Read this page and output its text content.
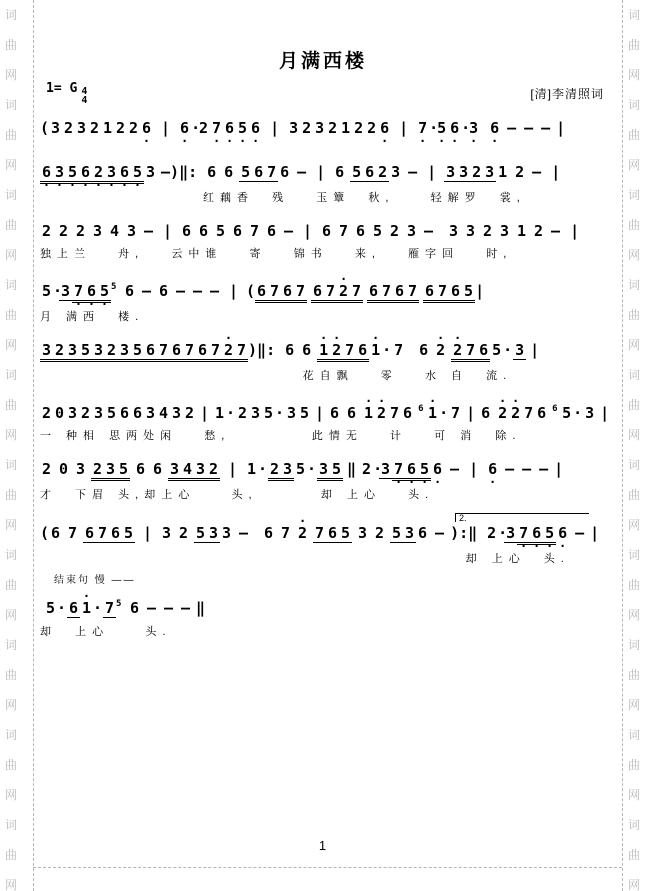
词
曲
网
词
曲
网
词
曲
网
词
曲
网
词
曲
网
词
曲
网
词
曲
网
词
曲
网
词
曲
网
词
曲
网
词
曲
网
词
曲
网
词
曲
网
词
曲
网
词
曲
网
词
曲
网
词
曲
网
词
曲
网
词
曲
网
词
曲
网
月满西楼
1= G 4
4	[清]李清照词
( 3 2 3 2 1 2 2 6 · | 6 · ·2 7 · 6 · 5 · 6 · | 3 2 3 2 1 2 2 6 · | 7 · ·5 · 6 · ·3 · 6 · – – – |
6 · 3 · 5 · 6 · 2 · 3 · 6 · 5 · 3 —)‖: 6 6 5 6 7 6 – | 6 5 6 2 3 – | 3 3 2 3 1 2 – |
红藕香  残   玉簟  秋,    轻解罗  裳,
2 2 2 3 4 3 – | 6 6 5 6 7 6 – | 6 7 6 5 2 3 – 3 3 2 3 1 2 – |
独上兰   舟,   云中谁   寄   锦书   来,   雁字回   时,
5 ·3 7 · 6 · 5 · 5 6 – 6 – – – | ( 6 7 6 7 6 7 · 2 7 6 7 6 7 6 7 6 5 |
月 满西  楼.
3 2 3 5 3 2 3 5 6 7 6 7 6 7 · 2 7 )‖: 6 6 · 1 · 2 7 6 · 1 · 7 6 · 2 · 2 7 6 5 · 3 |
花自飘   零   水 自  流.
2 0 3 2 3 5 6 6 3 4 3 2 | 1 · 2 3 5 · 3 5 | 6 6 · 1 · 2 7 6 6 · 1 · 7 | 6 · 2 · 2 7 6 6 5 · 3 |
一 种相 思两处闲   愁,         此情无   计   可 消  除.
2 0 3 2 3 5 6 6 3 4 3 2 | 1 · 2 3 5 · 3 5 ‖ 2 ·3 7 · 6 · 5 · 6 · – | 6 · – – – |
才  下眉 头,却上心    头,       却 上心   头.
2.
( 6 7 6 7 6 5 | 3 2 5 3 3 – 6 7 · 2 7 6 5 3 2 5 3 6 – ):‖ 2 ·3 7 · 6 · 5 · 6 · – |
却 上心  头.
结束句 慢 ——
5 · 6 · 1 · 7 5 6 – – – ‖
却  上心    头.
1
